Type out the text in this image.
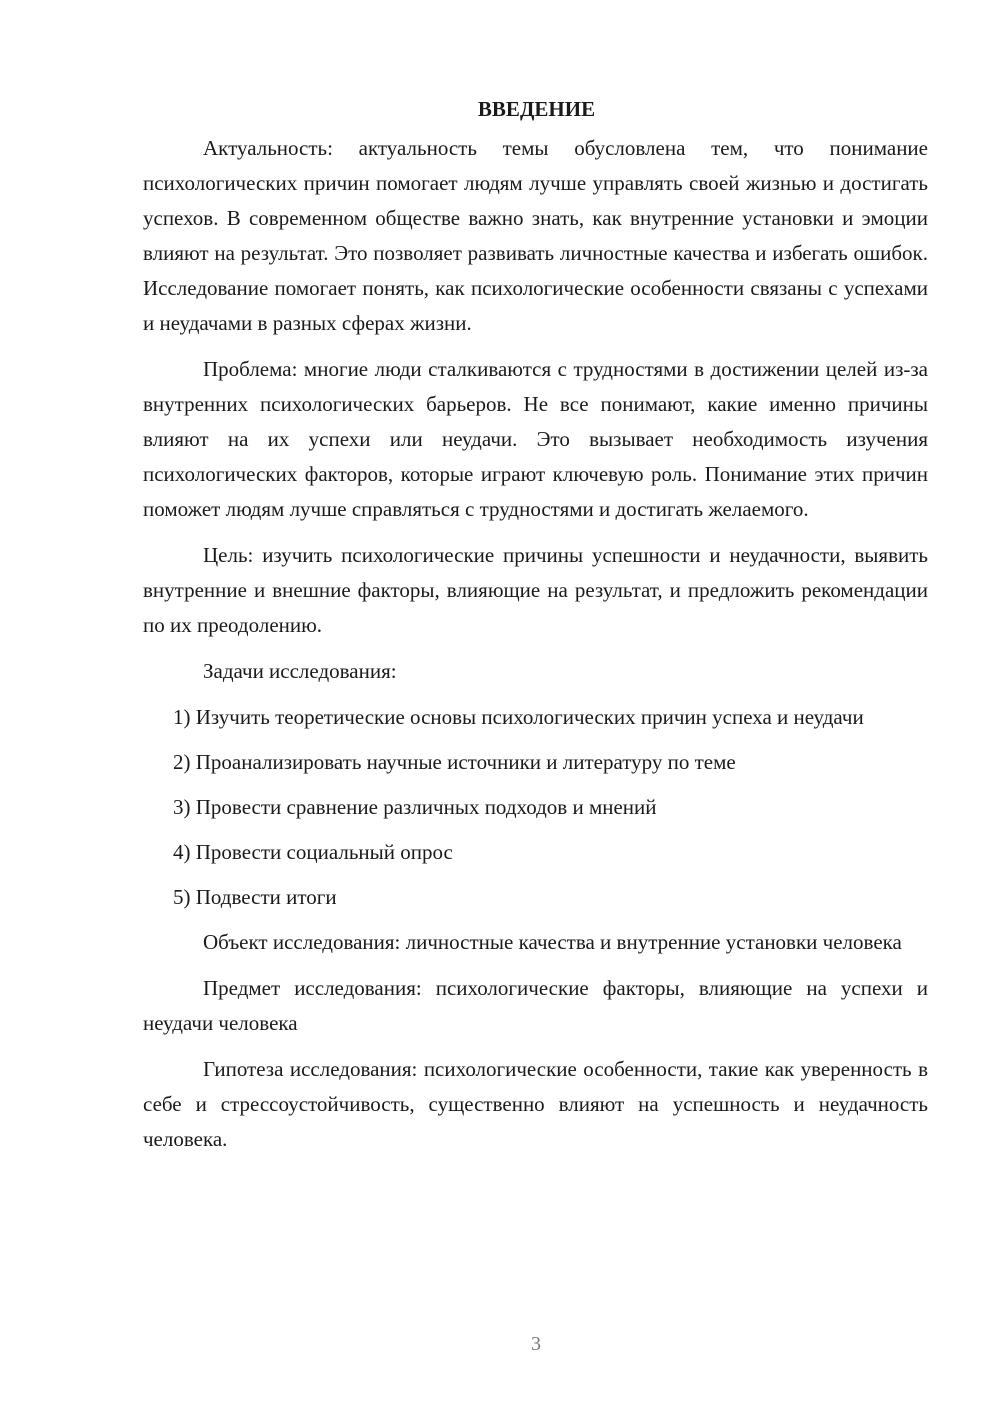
ВВЕДЕНИЕ

Актуальность: актуальность темы обусловлена тем, что понимание психологических причин помогает людям лучше управлять своей жизнью и достигать успехов. В современном обществе важно знать, как внутренние установки и эмоции влияют на результат. Это позволяет развивать личностные качества и избегать ошибок. Исследование помогает понять, как психологические особенности связаны с успехами и неудачами в разных сферах жизни.

Проблема: многие люди сталкиваются с трудностями в достижении целей из-за внутренних психологических барьеров. Не все понимают, какие именно причины влияют на их успехи или неудачи. Это вызывает необходимость изучения психологических факторов, которые играют ключевую роль. Понимание этих причин поможет людям лучше справляться с трудностями и достигать желаемого.

Цель: изучить психологические причины успешности и неудачности, выявить внутренние и внешние факторы, влияющие на результат, и предложить рекомендации по их преодолению.

Задачи исследования:

1) Изучить теоретические основы психологических причин успеха и неудачи

2) Проанализировать научные источники и литературу по теме

3) Провести сравнение различных подходов и мнений

4) Провести социальный опрос

5) Подвести итоги

Объект исследования: личностные качества и внутренние установки человека

Предмет исследования: психологические факторы, влияющие на успехи и неудачи человека

Гипотеза исследования: психологические особенности, такие как уверенность в себе и стрессоустойчивость, существенно влияют на успешность и неудачность человека.

3
